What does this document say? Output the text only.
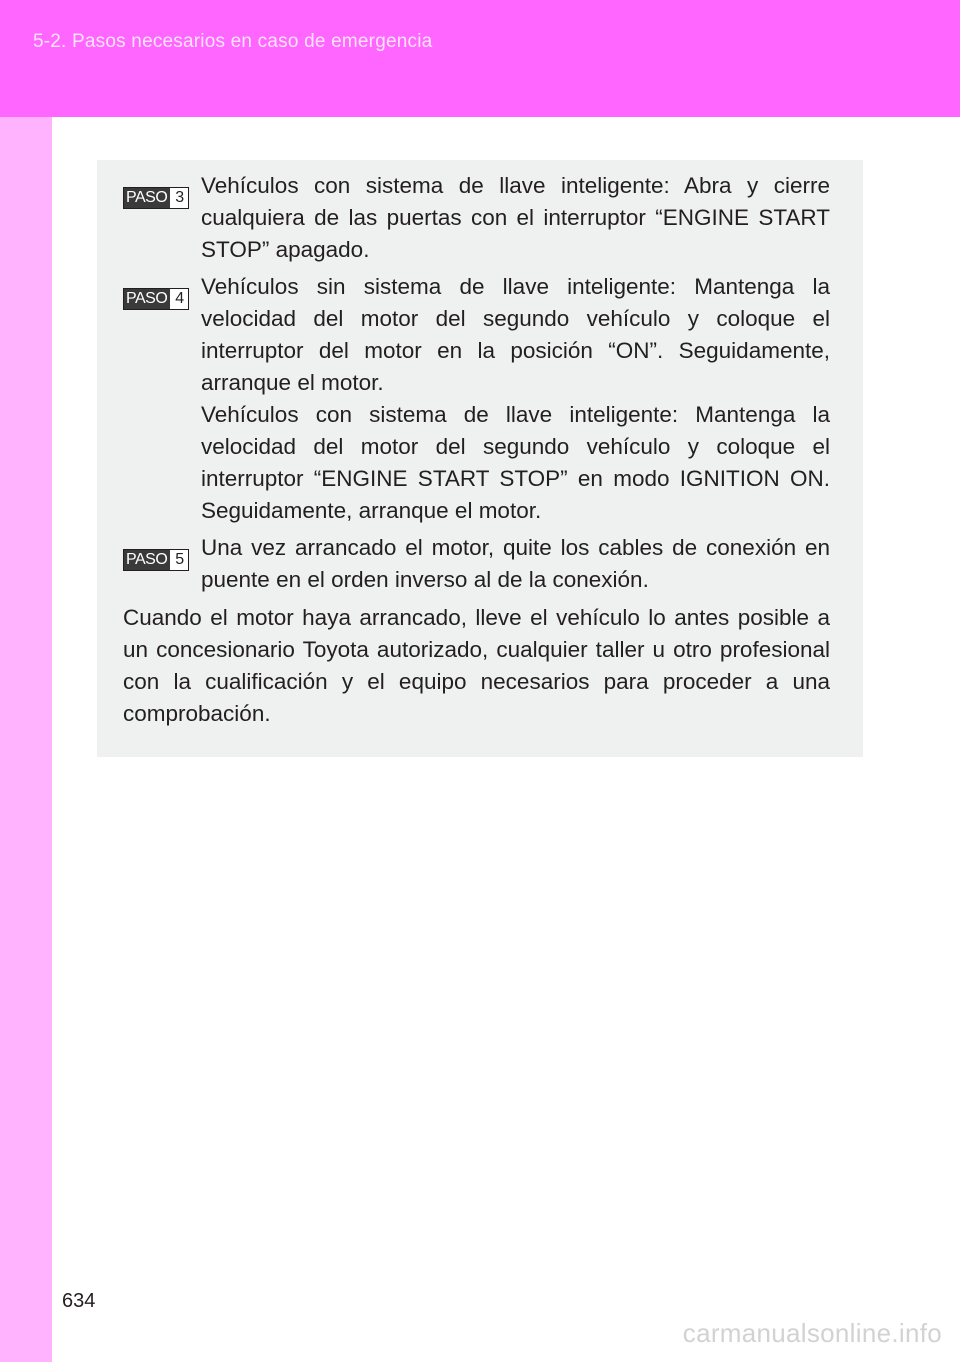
5-2. Pasos necesarios en caso de emergencia
PASO 3 Vehículos con sistema de llave inteligente: Abra y cierre cualquiera de las puertas con el interruptor “ENGINE START STOP” apagado.

PASO 4 Vehículos sin sistema de llave inteligente: Mantenga la velocidad del motor del segundo vehículo y coloque el interruptor del motor en la posición “ON”. Seguidamente, arranque el motor.

Vehículos con sistema de llave inteligente: Mantenga la velocidad del motor del segundo vehículo y coloque el interruptor “ENGINE START STOP” en modo IGNITION ON. Seguidamente, arranque el motor.

PASO 5 Una vez arrancado el motor, quite los cables de conexión en puente en el orden inverso al de la conexión.

Cuando el motor haya arrancado, lleve el vehículo lo antes posible a un concesionario Toyota autorizado, cualquier taller u otro profesional con la cualificación y el equipo necesarios para proceder a una comprobación.

634
carmanualsonline.info
